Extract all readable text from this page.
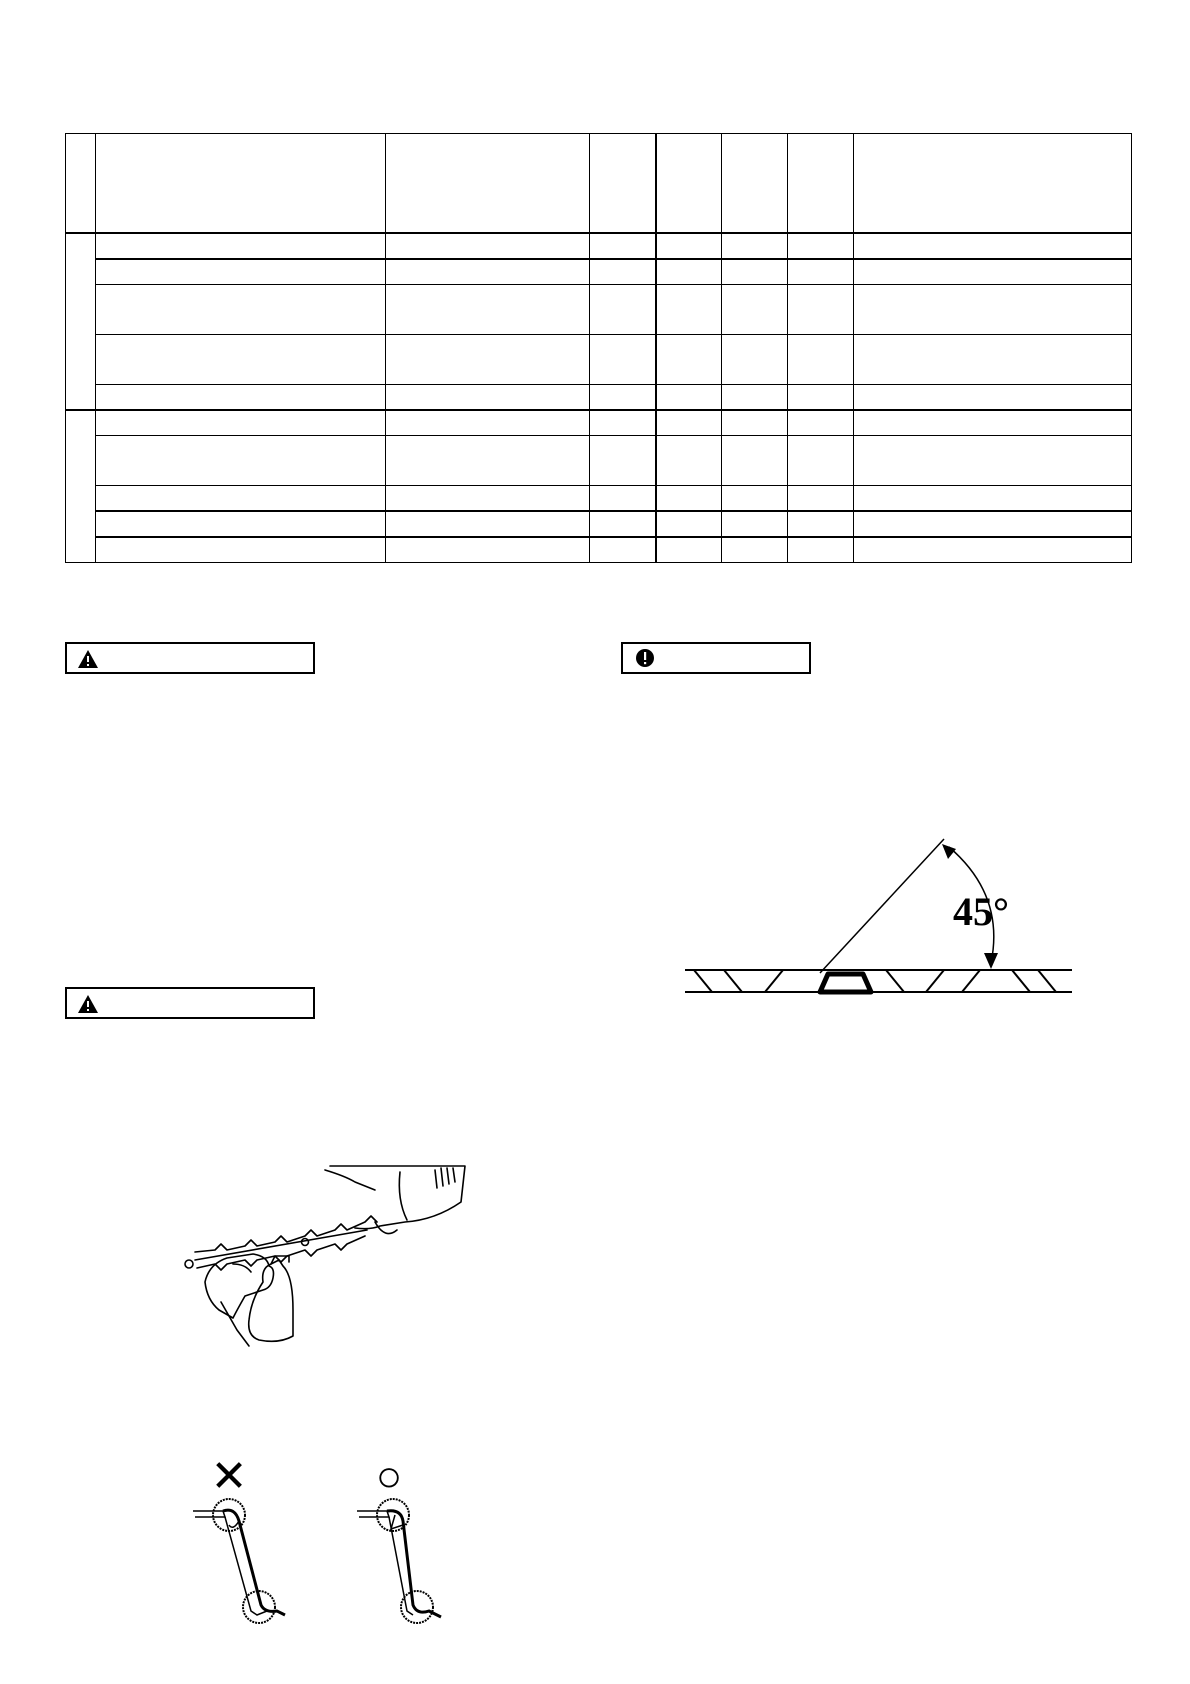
45°
✕	○
